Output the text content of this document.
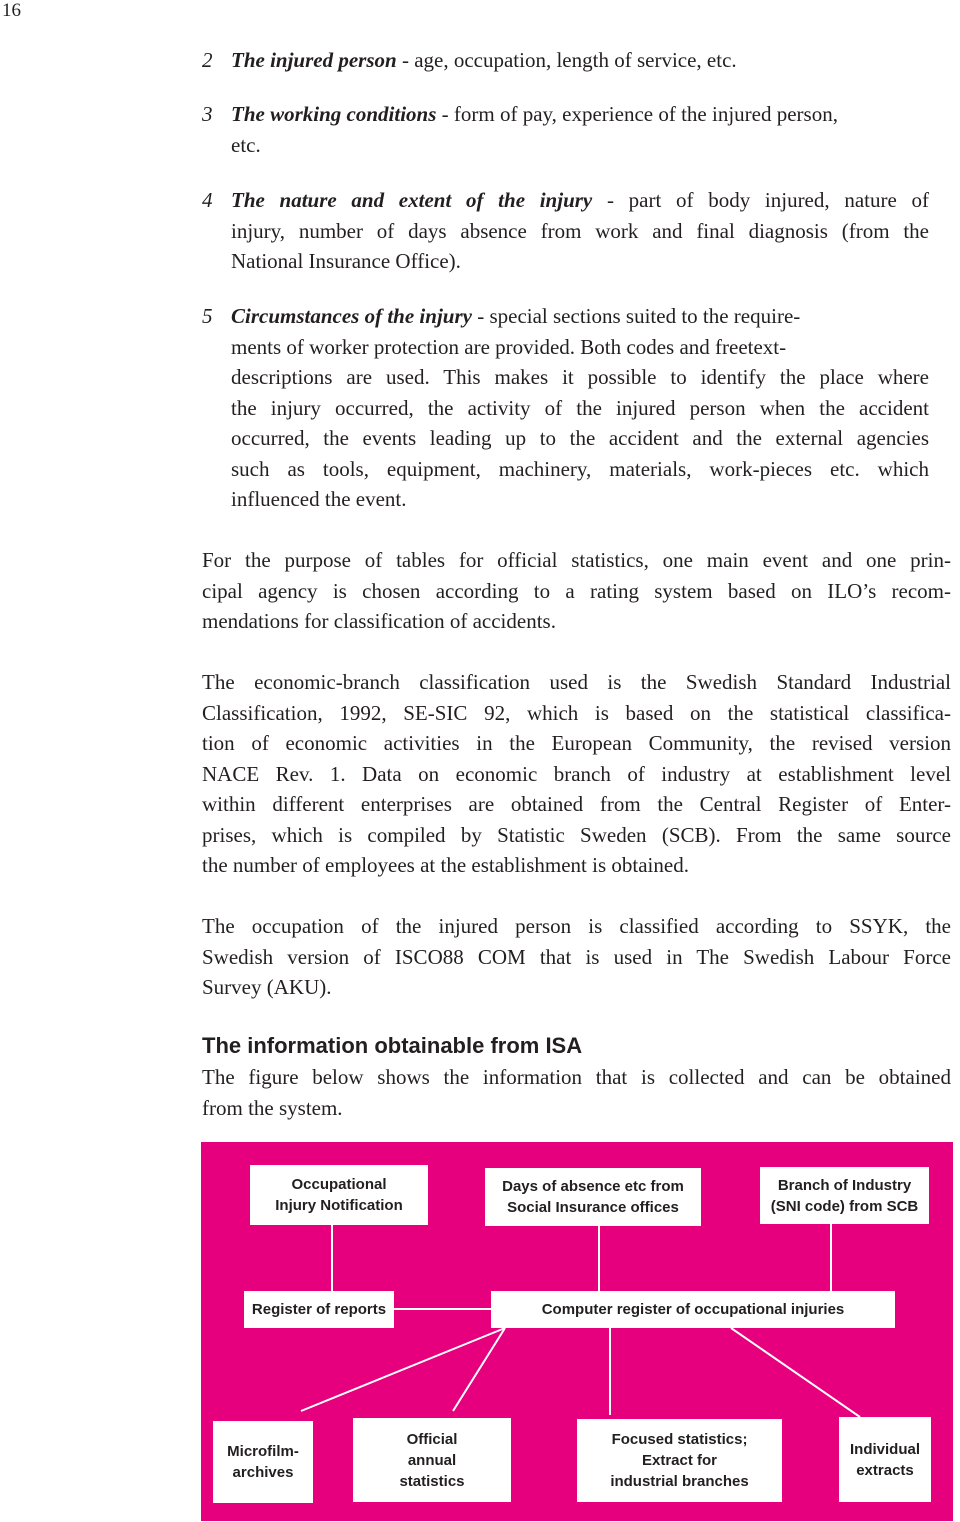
16
2 The injured person - age, occupation, length of service, etc.
3 The working conditions - form of pay, experience of the injured person,
etc.
4 The nature and extent of the injury - part of body injured, nature of
injury, number of days absence from work and final diagnosis (from the
National Insurance Office).
5 Circumstances of the injury - special sections suited to the require-
ments of worker protection are provided. Both codes and freetext-
descriptions are used. This makes it possible to identify the place where
the injury occurred, the activity of the injured person when the accident
occurred, the events leading up to the accident and the external agencies
such as tools, equipment, machinery, materials, work-pieces etc. which
influenced the event.
For the purpose of tables for official statistics, one main event and one prin-
cipal agency is chosen according to a rating system based on ILO’s recom-
mendations for classification of accidents.
The economic-branch classification used is the Swedish Standard Industrial
Classification, 1992, SE-SIC 92, which is based on the statistical classifica-
tion of economic activities in the European Community, the revised version
NACE Rev. 1. Data on economic branch of industry at establishment level
within different enterprises are obtained from the Central Register of Enter-
prises, which is compiled by Statistic Sweden (SCB). From the same source
the number of employees at the establishment is obtained.
The occupation of the injured person is classified according to SSYK, the
Swedish version of ISCO88 COM that is used in The Swedish Labour Force
Survey (AKU).
The information obtainable from ISA
The figure below shows the information that is collected and can be obtained
from the system.
Occupational
Injury Notification
Days of absence etc from
Social Insurance offices
Branch of Industry
(SNI code) from SCB
Register of reports	Computer register of occupational injuries
Microfilm-
archives
Official
annual
statistics
Focused statistics;
Extract for
industrial branches
Individual
extracts
